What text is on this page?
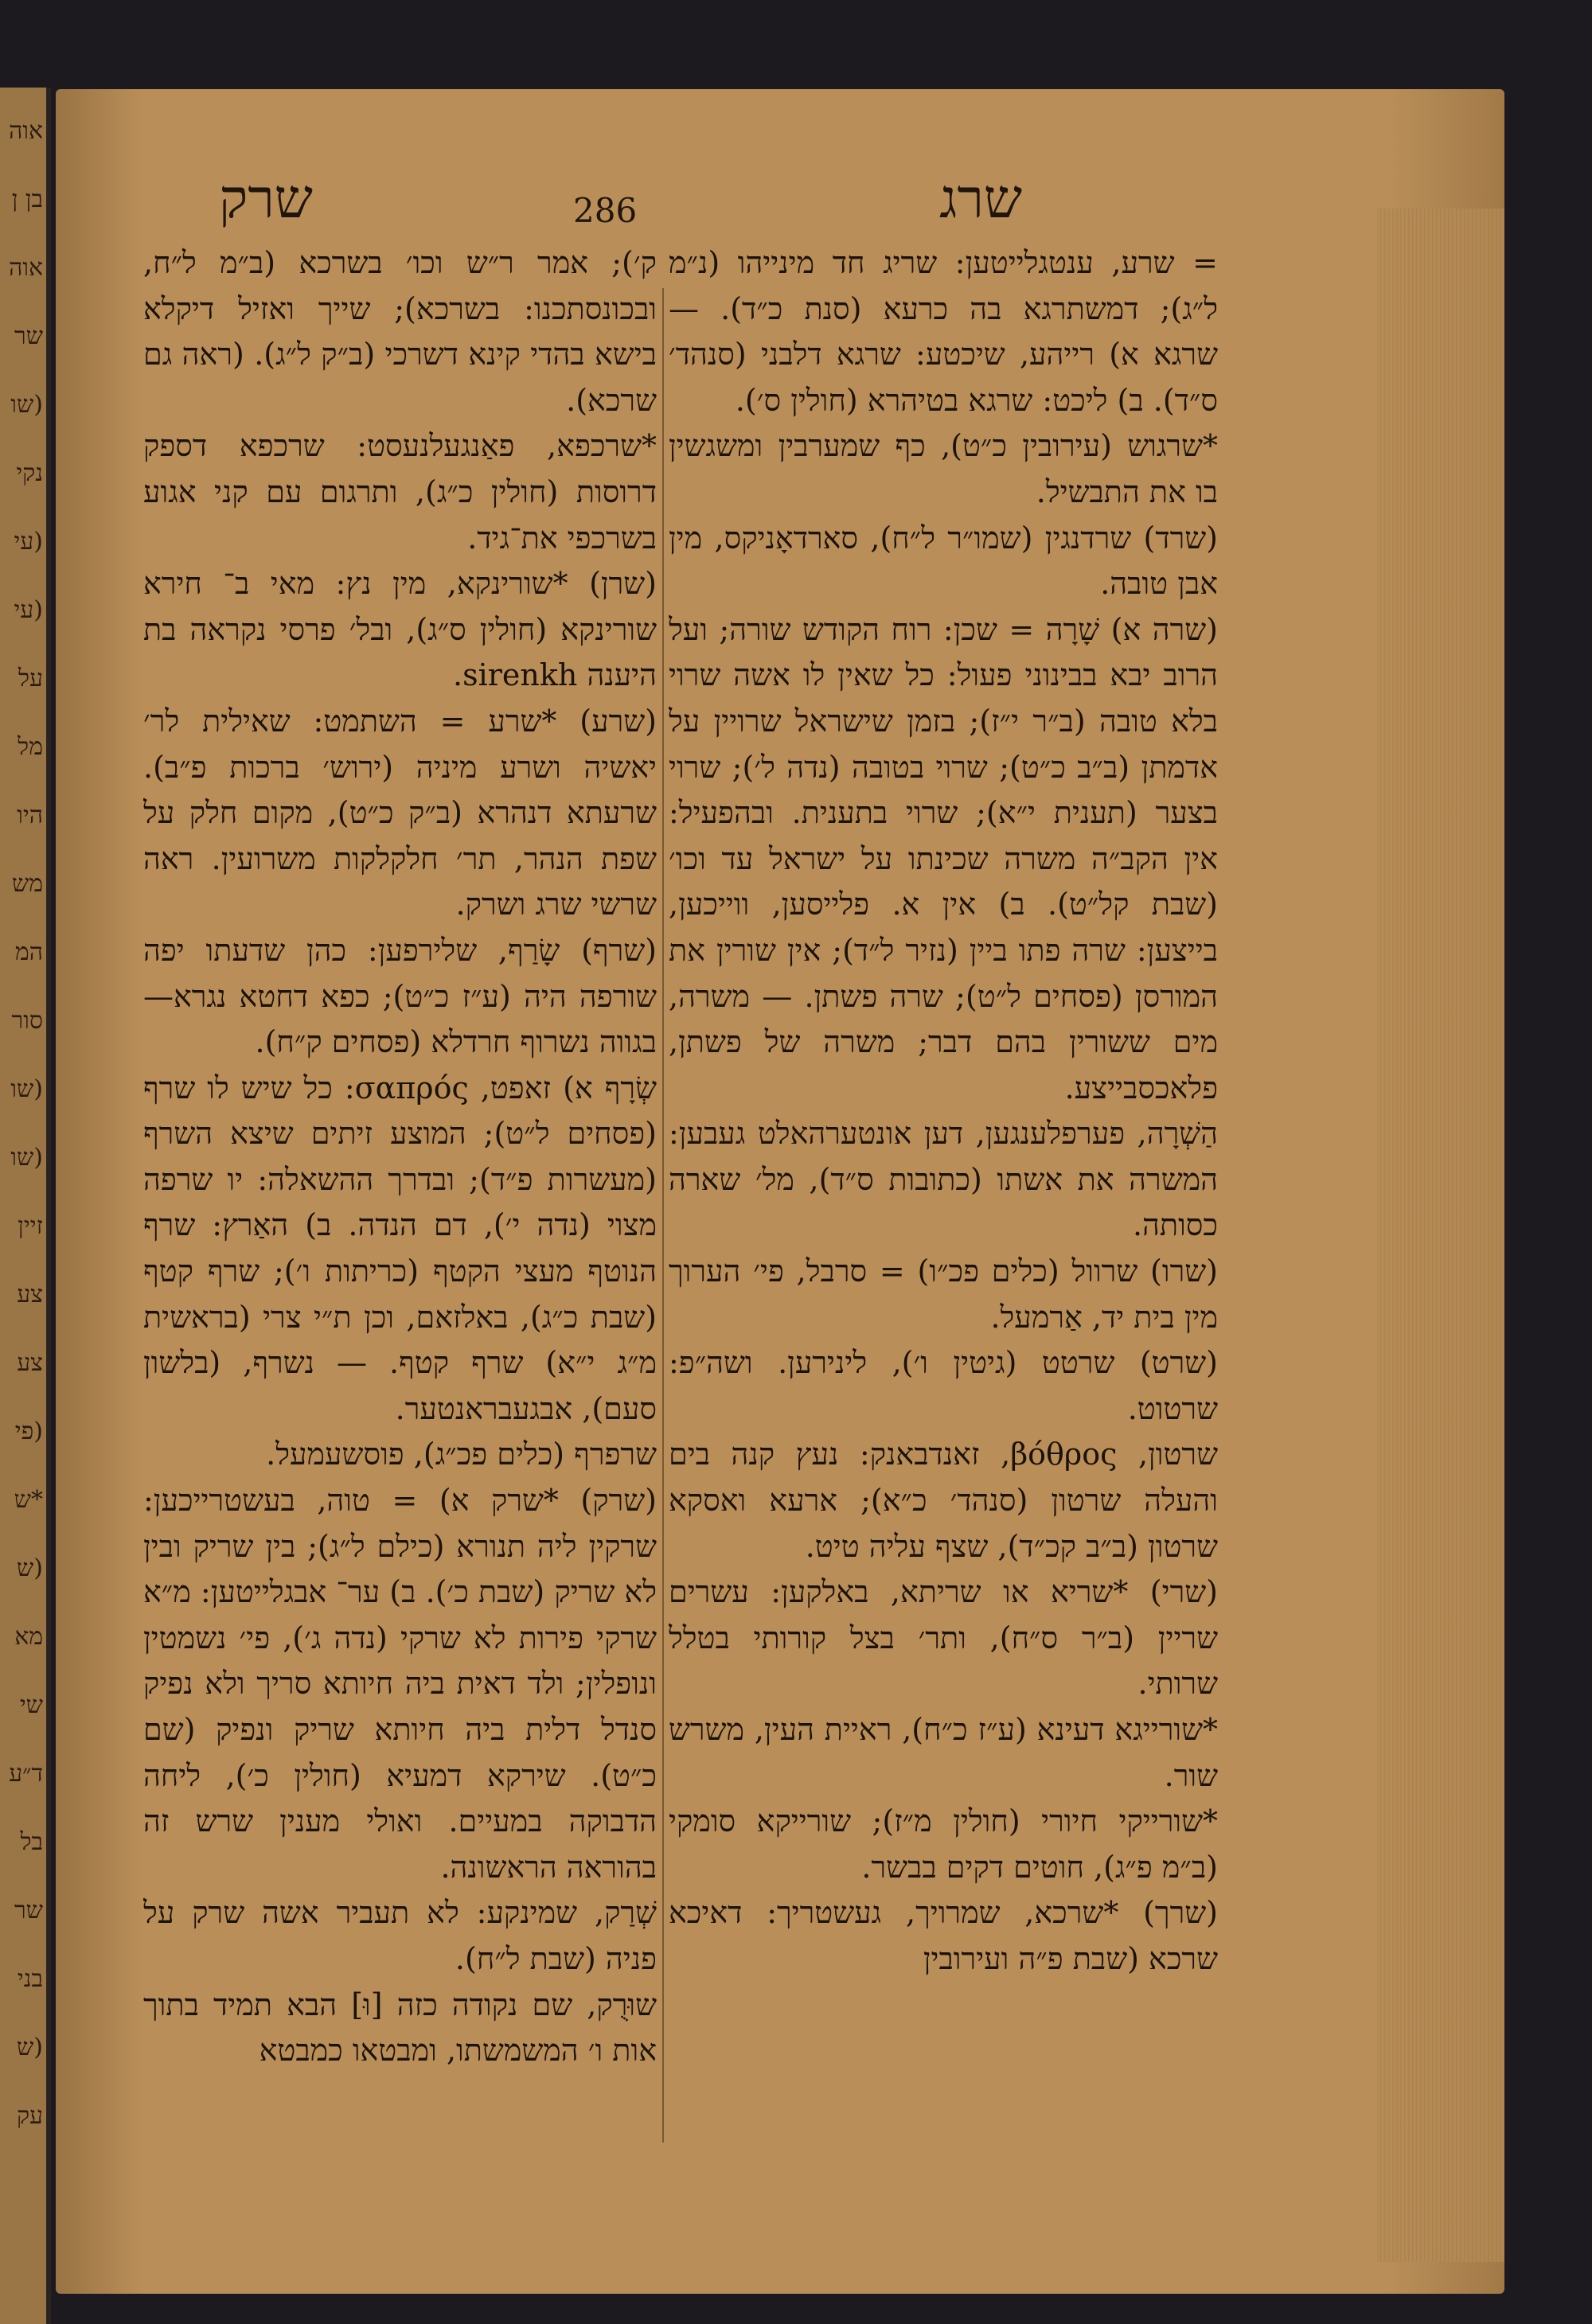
אוה
בן ן
אוה
שר
(שו
נקי
(עי
(עי
על
מל
היו
מש
המ
סור
(שו
(שו
זיין
צע
צע
(פי
*ש
(ש
מא
שי
ד״ע
בל
שר
בני
(ש
עק
שרג
286
שרק

= שרע, ענטגלייטען: שריג חד מינייהו (נ״מ ל״ג); דמשתרגא בה כרעא (סנת כ״ד). — שרגא א) רייהע, שיכטע: שרגא דלבני (סנהד׳ ס״ד). ב) ליכט: שרגא בטיהרא (חולין ס׳).

*שרגוש (עירובין כ״ט), כף שמערבין ומשגשין בו את התבשיל.

(שרד) שרדנגין (שמו״ר ל״ח), סארדאָניקס, מין אבן טובה.

(שרה א) שָׁרָה = שכן: רוח הקודש שורה; ועל הרוב יבא בבינוני פעול: כל שאין לו אשה שרוי בלא טובה (ב״ר י״ז); בזמן שישראל שרויין על אדמתן (ב״ב כ״ט); שרוי בטובה (נדה ל׳); שרוי בצער (תענית י״א); שרוי בתענית. ובהפעיל: אין הקב״ה משרה שכינתו על ישראל עד וכו׳ (שבת קל״ט). ב) אין א. פלייסען, ווייכען, בייצען: שרה פתו ביין (נזיר ל״ד); אין שורין את המורסן (פסחים ל״ט); שרה פשתן. — משרה, מים ששורין בהם דבר; משרה של פשתן, פלאכסבייצע.

הַשְׁרָה, פערפלענגען, דען אונטערהאלט געבען: המשרה את אשתו (כתובות ס״ד), מל׳ שארה כסותה.

(שרו) שרוול (כלים פכ״ו) = סרבל, פי׳ הערוך מין בית יד, אַרמעל.

(שרט) שרטט (גיטין ו׳), לינירען. ושה״פ: שרטוט.

שרטון, βόθρος, זאנדבאנק: נעץ קנה בים והעלה שרטון (סנהד׳ כ״א); ארעא ואסקא שרטון (ב״ב קכ״ד), שצף עליה טיט.

(שרי) *שריא או שריתא, באלקען: עשרים שריין (ב״ר ס״ח), ותר׳ בצל קורותי בטלל שרותי.

*שורייגא דעינא (ע״ז כ״ח), ראיית העין, משרש שור.

*שורייקי חיורי (חולין מ״ז); שורייקא סומקי (ב״מ פ״ג), חוטים דקים בבשר.

(שרך) *שרכא, שמרויך, געשטריך: דאיכא שרכא (שבת פ״ה ועירובין

ק׳); אמר ר״ש וכו׳ בשרכא (ב״מ ל״ח, ובכונסתכנו: בשרכא); שייך ואזיל דיקלא בישא בהדי קינא דשרכי (ב״ק ל״ג). (ראה גם שרכא).

*שרכפא, פאַנגעלנעסט: שרכפא דספק דרוסות (חולין כ״ג), ותרגום עם קני אגוע בשרכפי את־גיד.

(שרן) *שורינקא, מין נץ: מאי ב־ חירא שורינקא (חולין ס״ג), ובל׳ פרסי נקראה בת היענה sirenkh.

(שרע) *שרע = השתמט: שאילית לר׳ יאשיה ושרע מיניה (ירוש׳ ברכות פ״ב). שרעתא דנהרא (ב״ק כ״ט), מקום חלק על שפת הנהר, תר׳ חלקלקות משרועין. ראה שרשי שרג ושרק.

(שרף) שָׂרַף, שלירפען: כהן שדעתו יפה שורפה היה (ע״ז כ״ט); כפא דחטא נגרא—בגווה נשרוף חרדלא (פסחים ק״ח).

שְׂרָף א) זאפט, σαπρός: כל שיש לו שרף (פסחים ל״ט); המוצע זיתים שיצא השרף (מעשרות פ״ד); ובדרך ההשאלה: יו שרפה מצוי (נדה י׳), דם הנדה. ב) האַרץ: שרף הנוטף מעצי הקטף (כריתות ו׳); שרף קטף (שבת כ״ג), באלזאם, וכן ת״י צרי (בראשית מ״ג י״א) שרף קטף. — נשרף, (בלשון סעם), אבגעבראנטער.

שרפרף (כלים פכ״ג), פוסשעמעל.

(שרק) *שרק א) = טוה, בעשטרייכען: שרקין ליה תנורא (כילם ל״ג); בין שריק ובין לא שריק (שבת כ׳). ב) ער־ אבגלייטען: מ״א שרקי פירות לא שרקי (נדה ג׳), פי׳ נשמטין ונופלין; ולד דאית ביה חיותא סריך ולא נפיק סנדל דלית ביה חיותא שריק ונפיק (שם כ״ט). שירקא דמעיא (חולין כ׳), ליחה הדבוקה במעיים. ואולי מענין שרש זה בהוראה הראשונה.

שְׁרַק, שמינקע: לא תעביר אשה שרק על פניה (שבת ל״ח).

שוּרֻק, שם נקודה כזה [וּ] הבא תמיד בתוך אות ו׳ המשמשתו, ומבטאו כמבטא
